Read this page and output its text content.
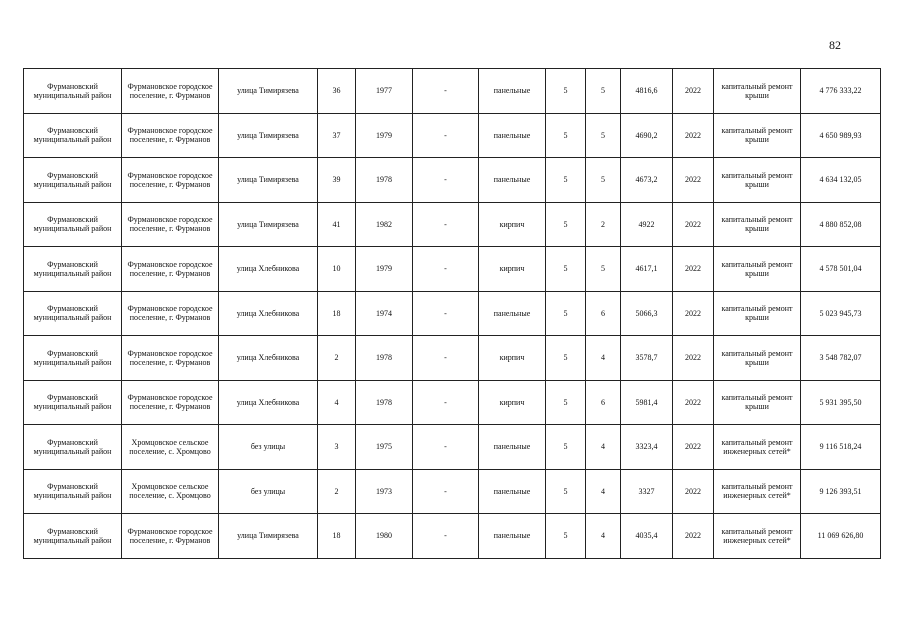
82
Фурмановский муниципальный район	Фурмановское городское поселение, г. Фурманов	улица Тимирязева	36	1977	-	панельные	5	5	4816,6	2022	капитальный ремонт крыши	4 776 333,22
Фурмановский муниципальный район	Фурмановское городское поселение, г. Фурманов	улица Тимирязева	37	1979	-	панельные	5	5	4690,2	2022	капитальный ремонт крыши	4 650 989,93
Фурмановский муниципальный район	Фурмановское городское поселение, г. Фурманов	улица Тимирязева	39	1978	-	панельные	5	5	4673,2	2022	капитальный ремонт крыши	4 634 132,05
Фурмановский муниципальный район	Фурмановское городское поселение, г. Фурманов	улица Тимирязева	41	1982	-	кирпич	5	2	4922	2022	капитальный ремонт крыши	4 880 852,08
Фурмановский муниципальный район	Фурмановское городское поселение, г. Фурманов	улица Хлебникова	10	1979	-	кирпич	5	5	4617,1	2022	капитальный ремонт крыши	4 578 501,04
Фурмановский муниципальный район	Фурмановское городское поселение, г. Фурманов	улица Хлебникова	18	1974	-	панельные	5	6	5066,3	2022	капитальный ремонт крыши	5 023 945,73
Фурмановский муниципальный район	Фурмановское городское поселение, г. Фурманов	улица Хлебникова	2	1978	-	кирпич	5	4	3578,7	2022	капитальный ремонт крыши	3 548 782,07
Фурмановский муниципальный район	Фурмановское городское поселение, г. Фурманов	улица Хлебникова	4	1978	-	кирпич	5	6	5981,4	2022	капитальный ремонт крыши	5 931 395,50
Фурмановский муниципальный район	Хромцовское сельское поселение, с. Хромцово	без улицы	3	1975	-	панельные	5	4	3323,4	2022	капитальный ремонт инженерных сетей*	9 116 518,24
Фурмановский муниципальный район	Хромцовское сельское поселение, с. Хромцово	без улицы	2	1973	-	панельные	5	4	3327	2022	капитальный ремонт инженерных сетей*	9 126 393,51
Фурмановский муниципальный район	Фурмановское городское поселение, г. Фурманов	улица Тимирязева	18	1980	-	панельные	5	4	4035,4	2022	капитальный ремонт инженерных сетей*	11 069 626,80
